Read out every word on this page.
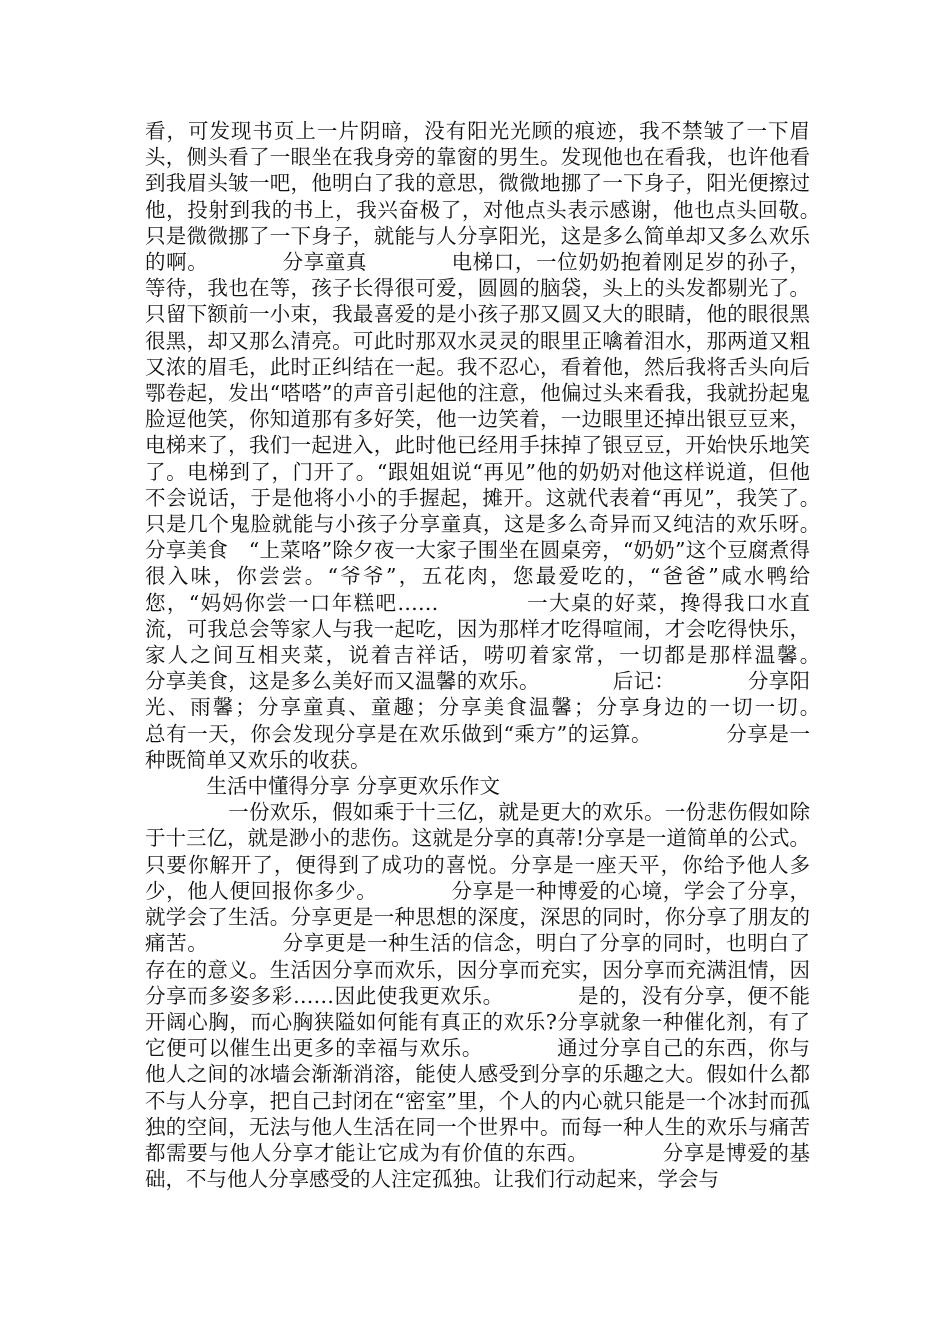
看，可发现书页上一片阴暗，没有阳光光顾的痕迹，我不禁皱了一下眉头，侧头看了一眼坐在我身旁的靠窗的男生。发现他也在看我，也许他看到我眉头皱一吧，他明白了我的意思，微微地挪了一下身子，阳光便擦过他，投射到我的书上，我兴奋极了，对他点头表示感谢，他也点头回敬。　　　　只是微微挪了一下身子，就能与人分享阳光，这是多么简单却又多么欢乐的啊。　　　　分享童真　　　　电梯口，一位奶奶抱着刚足岁的孙子，等待，我也在等，孩子长得很可爱，圆圆的脑袋，头上的头发都剔光了。只留下额前一小束，我最喜爱的是小孩子那又圆又大的眼睛，他的眼很黑很黑，却又那么清亮。可此时那双水灵灵的眼里正噙着泪水，那两道又粗又浓的眉毛，此时正纠结在一起。我不忍心，看着他，然后我将舌头向后鄂卷起，发出“嗒嗒”的声音引起他的注意，他偏过头来看我，我就扮起鬼脸逗他笑，你知道那有多好笑，他一边笑着，一边眼里还掉出银豆豆来，电梯来了，我们一起进入，此时他已经用手抹掉了银豆豆，开始快乐地笑了。电梯到了，门开了。“跟姐姐说“再见”他的奶奶对他这样说道，但他不会说话，于是他将小小的手握起，摊开。这就代表着“再见”，我笑了。　　　　只是几个鬼脸就能与小孩子分享童真，这是多么奇异而又纯洁的欢乐呀。　　　　分享美食　“上菜咯”除夕夜一大家子围坐在圆桌旁，“奶奶”这个豆腐煮得很入味，你尝尝。“爷爷”，五花肉，您最爱吃的，“爸爸”咸水鸭给您，“妈妈你尝一口年糕吧……　　　　一大桌的好菜，搀得我口水直流，可我总会等家人与我一起吃，因为那样才吃得喧闹，才会吃得快乐，家人之间互相夹菜，说着吉祥话，唠叨着家常，一切都是那样温馨。　　　　分享美食，这是多么美好而又温馨的欢乐。　　　　后记：　　　　分享阳光、雨馨；分享童真、童趣；分享美食温馨；分享身边的一切一切。　　　　总有一天，你会发现分享是在欢乐做到“乘方”的运算。　　　　分享是一种既简单又欢乐的收获。

　　　生活中懂得分享 分享更欢乐作文

　　　　一份欢乐，假如乘于十三亿，就是更大的欢乐。一份悲伤假如除于十三亿，就是渺小的悲伤。这就是分享的真蒂!分享是一道简单的公式。只要你解开了，便得到了成功的喜悦。分享是一座天平，你给予他人多少，他人便回报你多少。　　　　分享是一种博爱的心境，学会了分享，就学会了生活。分享更是一种思想的深度，深思的同时，你分享了朋友的痛苦。　　　　分享更是一种生活的信念，明白了分享的同时，也明白了存在的意义。生活因分享而欢乐，因分享而充实，因分享而充满沮情，因分享而多姿多彩……因此使我更欢乐。　　　　是的，没有分享，便不能开阔心胸，而心胸狭隘如何能有真正的欢乐?分享就象一种催化剂，有了它便可以催生出更多的幸福与欢乐。　　　　通过分享自己的东西，你与他人之间的冰墙会渐渐消溶，能使人感受到分享的乐趣之大。假如什么都不与人分享，把自己封闭在“密室”里，个人的内心就只能是一个冰封而孤独的空间，无法与他人生活在同一个世界中。而每一种人生的欢乐与痛苦都需要与他人分享才能让它成为有价值的东西。　　　　分享是博爱的基础，不与他人分享感受的人注定孤独。让我们行动起来，学会与
